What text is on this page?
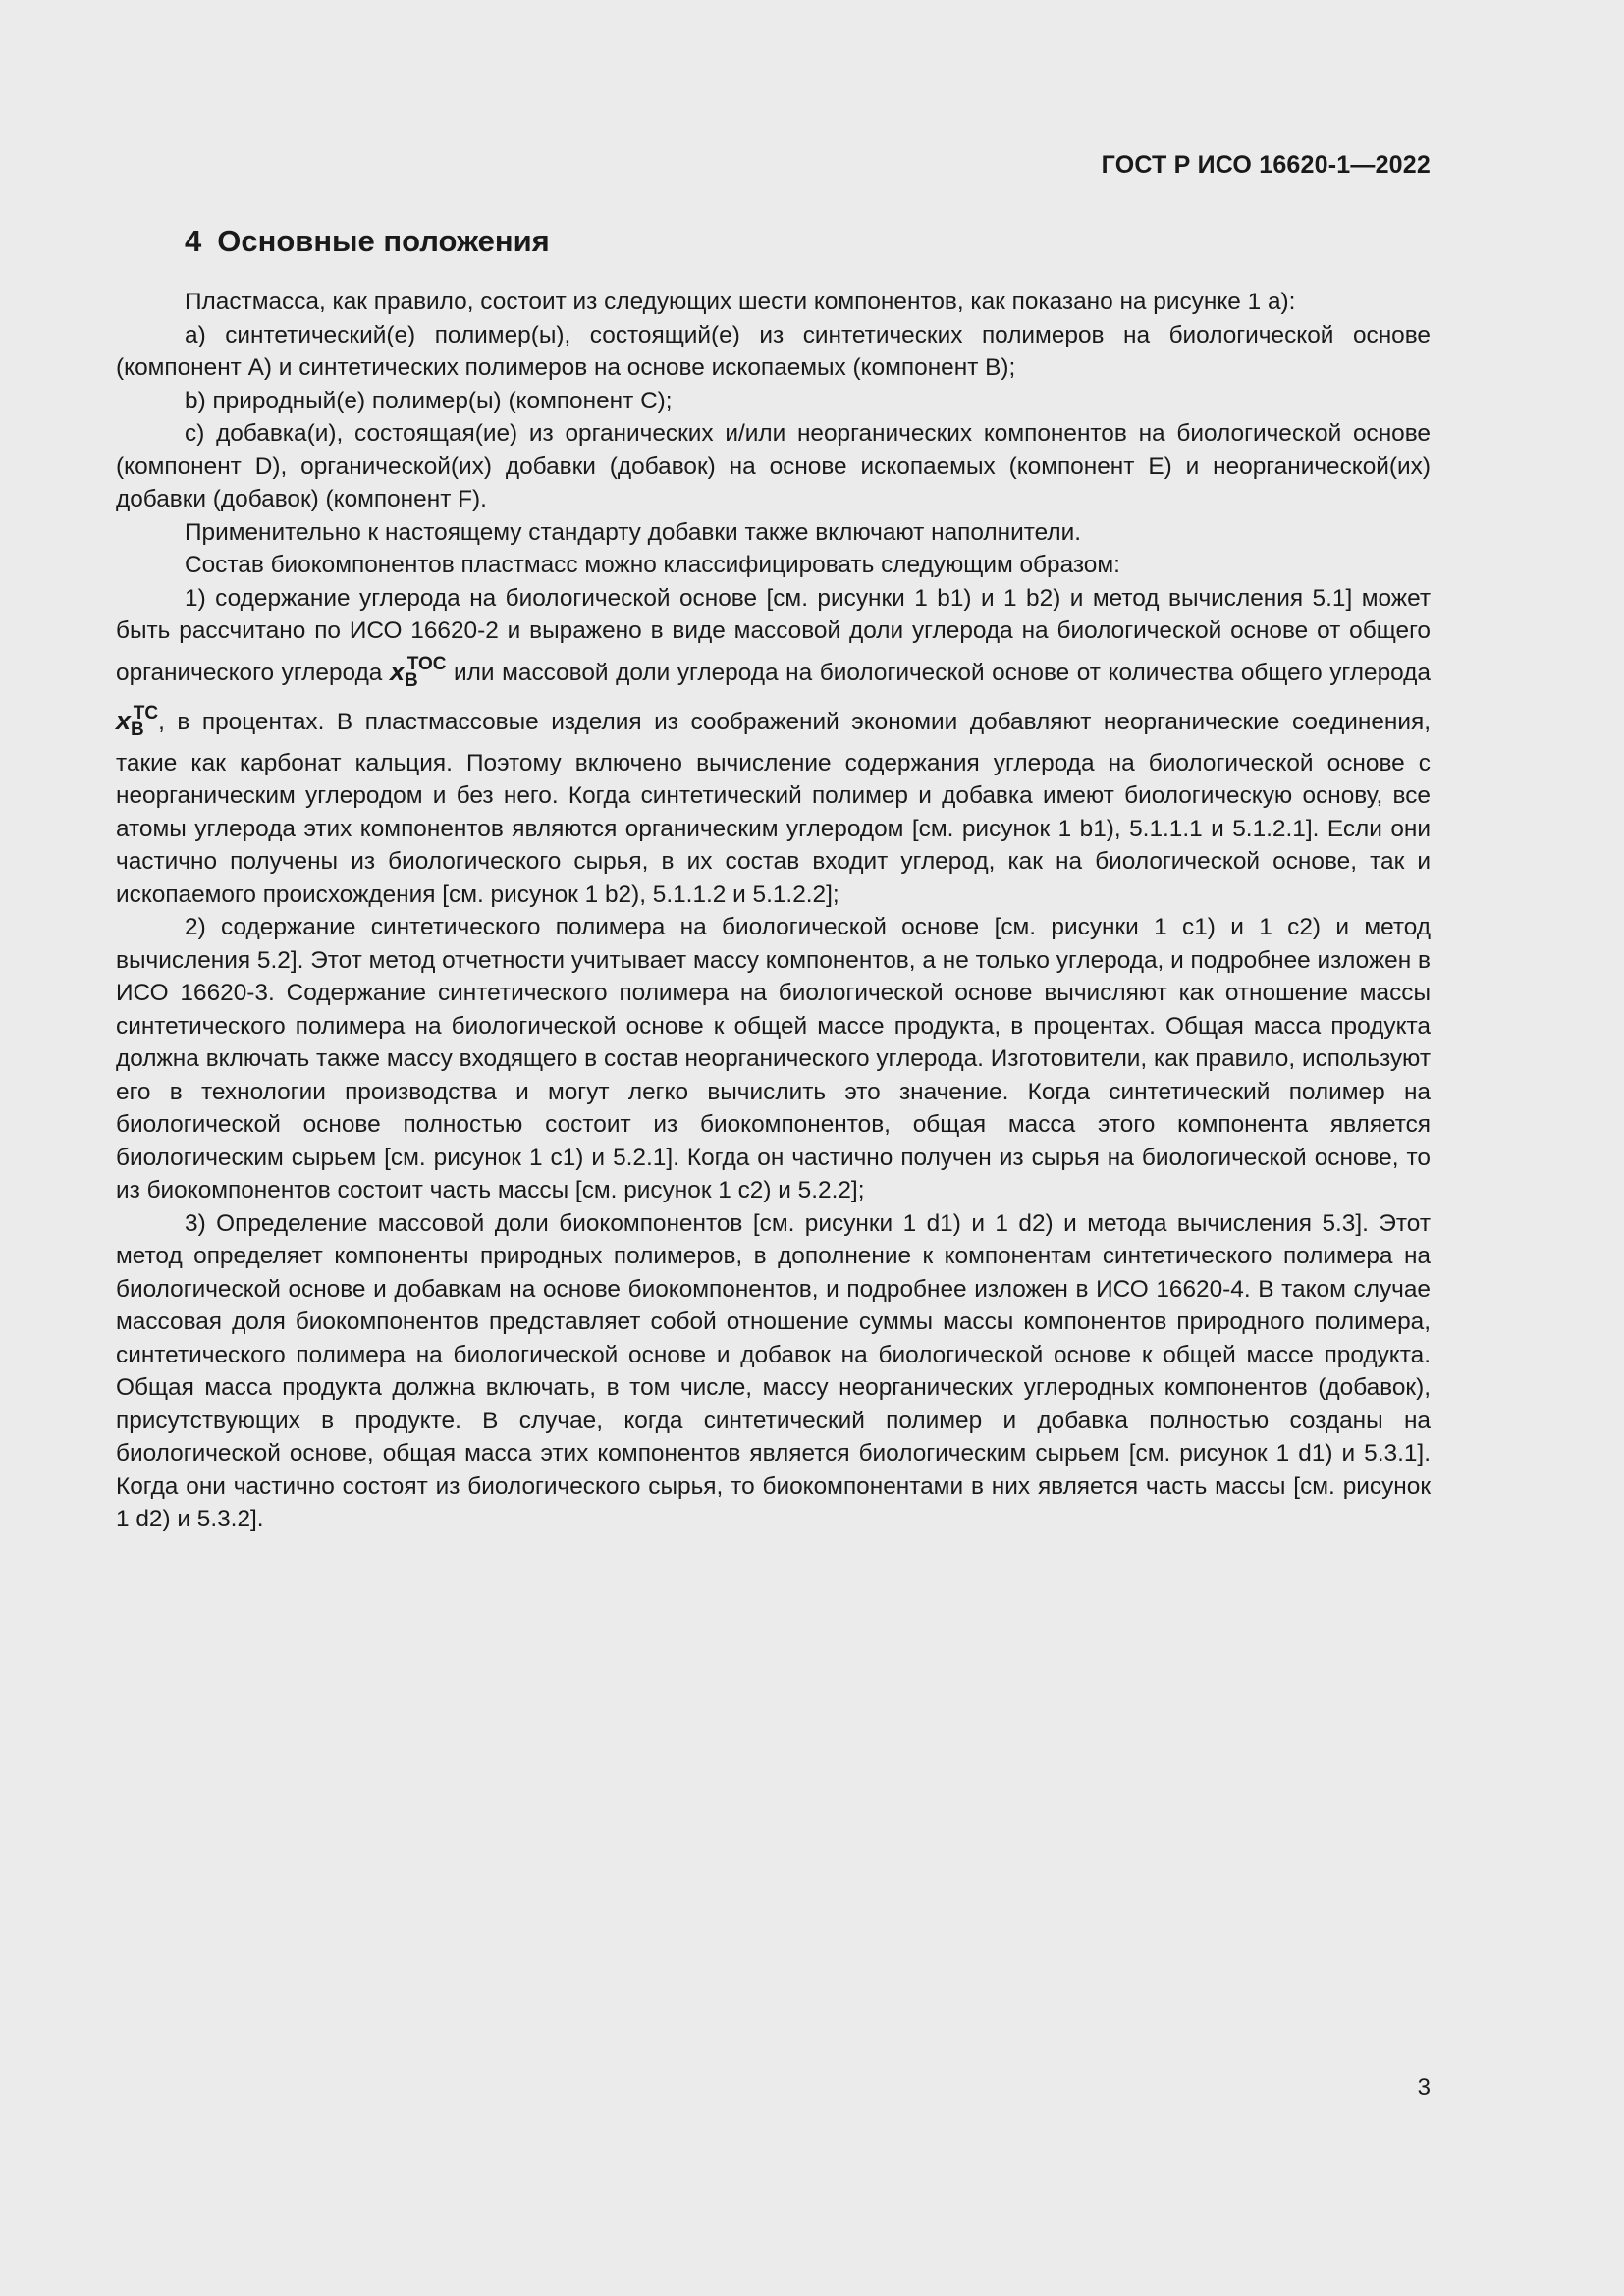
ГОСТ Р ИСО 16620-1—2022
4 Основные положения

Пластмасса, как правило, состоит из следующих шести компонентов, как показано на рисунке 1 a):

a) синтетический(е) полимер(ы), состоящий(е) из синтетических полимеров на биологической основе (компонент A) и синтетических полимеров на основе ископаемых (компонент B);

b) природный(е) полимер(ы) (компонент C);

c) добавка(и), состоящая(ие) из органических и/или неорганических компонентов на биологической основе (компонент D), органической(их) добавки (добавок) на основе ископаемых (компонент E) и неорганической(их) добавки (добавок) (компонент F).

Применительно к настоящему стандарту добавки также включают наполнители.

Состав биокомпонентов пластмасс можно классифицировать следующим образом:

1) содержание углерода на биологической основе [см. рисунки 1 b1) и 1 b2) и метод вычисления 5.1] может быть рассчитано по ИСО 16620-2 и выражено в виде массовой доли углерода на биологической основе от общего органического углерода $x_B^{TOC}$ или массовой доли углерода на биологической основе от количества общего углерода $x_B^{TC}$, в процентах. В пластмассовые изделия из соображений экономии добавляют неорганические соединения, такие как карбонат кальция. Поэтому включено вычисление содержания углерода на биологической основе с неорганическим углеродом и без него. Когда синтетический полимер и добавка имеют биологическую основу, все атомы углерода этих компонентов являются органическим углеродом [см. рисунок 1 b1), 5.1.1.1 и 5.1.2.1]. Если они частично получены из биологического сырья, в их состав входит углерод, как на биологической основе, так и ископаемого происхождения [см. рисунок 1 b2), 5.1.1.2 и 5.1.2.2];

2) содержание синтетического полимера на биологической основе [см. рисунки 1 c1) и 1 c2) и метод вычисления 5.2]. Этот метод отчетности учитывает массу компонентов, а не только углерода, и подробнее изложен в ИСО 16620-3. Содержание синтетического полимера на биологической основе вычисляют как отношение массы синтетического полимера на биологической основе к общей массе продукта, в процентах. Общая масса продукта должна включать также массу входящего в состав неорганического углерода. Изготовители, как правило, используют его в технологии производства и могут легко вычислить это значение. Когда синтетический полимер на биологической основе полностью состоит из биокомпонентов, общая масса этого компонента является биологическим сырьем [см. рисунок 1 c1) и 5.2.1]. Когда он частично получен из сырья на биологической основе, то из биокомпонентов состоит часть массы [см. рисунок 1 c2) и 5.2.2];

3) Определение массовой доли биокомпонентов [см. рисунки 1 d1) и 1 d2) и метода вычисления 5.3]. Этот метод определяет компоненты природных полимеров, в дополнение к компонентам синтетического полимера на биологической основе и добавкам на основе биокомпонентов, и подробнее изложен в ИСО 16620-4. В таком случае массовая доля биокомпонентов представляет собой отношение суммы массы компонентов природного полимера, синтетического полимера на биологической основе и добавок на биологической основе к общей массе продукта. Общая масса продукта должна включать, в том числе, массу неорганических углеродных компонентов (добавок), присутствующих в продукте. В случае, когда синтетический полимер и добавка полностью созданы на биологической основе, общая масса этих компонентов является биологическим сырьем [см. рисунок 1 d1) и 5.3.1]. Когда они частично состоят из биологического сырья, то биокомпонентами в них является часть массы [см. рисунок 1 d2) и 5.3.2].

3
